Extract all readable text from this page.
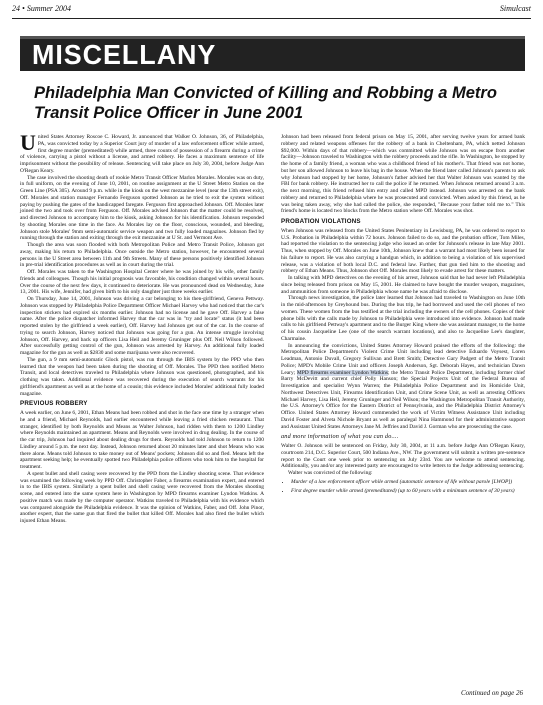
24 • Summer 2004	Simulcast
MISCELLANY
Philadelphia Man Convicted of Killing and Robbing a Metro Transit Police Officer in June 2001

United States Attorney Roscoe C. Howard, Jr. announced that Walker O. Johnson, 36, of Philadelphia, PA, was convicted today by a Superior Court jury of murder of a law enforcement officer while armed, first degree murder (premeditated) while armed, three counts of possession of a firearm during a crime of violence, carrying a pistol without a license, and armed robbery. He faces a maximum sentence of life imprisonment without the possibility of release. Sentencing will take place on July 30, 2004, before Judge Ann O'Regan Keary.

The case involved the shooting death of rookie Metro Transit Officer Marlon Morales. Morales was on duty, in full uniform, on the evening of June 10, 2001, on routine assignment at the U Street Metro Station on the Green Line (PSA 305). Around 9 p.m. while in the kiosk on the west mezzanine level (near the 13th street exit), Off. Morales and station manager Fernando Ferguson spotted Johnson as he tried to exit the system without paying by pushing the gates of the handicapped faregate. Ferguson first approached Johnson. Off. Morales later joined the two and took over from Ferguson. Off. Morales advised Johnson that the matter could be resolved, and directed Johnson to accompany him to the kiosk, asking Johnson for his identification. Johnson responded by shooting Morales one time in the face. As Morales lay on the floor, conscious, wounded, and bleeding, Johnson stole Morales' 9mm semi-automatic service weapon and two fully loaded magazines. Johnson fled by running through the station and exiting through the exit mezzanine at U St. and Vermont Ave.

Though the area was soon flooded with both Metropolitan Police and Metro Transit Police, Johnson got away, making his return to Philadelphia. Once outside the Metro station, however, he encountered several persons in the U Street area between 11th and 9th Streets. Many of these persons positively identified Johnson in pre-trial identification procedures as well as in court during the trial.

Off. Morales was taken to the Washington Hospital Center where he was joined by his wife, other family friends and colleagues. Though his initial prognosis was favorable, his condition changed within several hours. Over the course of the next few days, it continued to deteriorate. He was pronounced dead on Wednesday, June 13, 2001. His wife, Jennifer, had given birth to his only daughter just three weeks earlier.

On Thursday, June 14, 2001, Johnson was driving a car belonging to his then-girlfriend, Geneva Pettway. Johnson was stopped by Philadelphia Police Department Officer Michael Harvey who had noticed that the car's inspection stickers had expired six months earlier. Johnson had no license and he gave Off. Harvey a false name. After the police dispatcher informed Harvey that the car was in "try and locate" status (it had been reported stolen by the girlfriend a week earlier), Off. Harvey had Johnson get out of the car. In the course of trying to search Johnson, Harvey noticed that Johnson was going for a gun. An intense struggle involving Johnson, Off. Harvey, and back up officers Lisa Heil and Jeremy Gruninger plus Off. Neil Wilson followed. After successfully getting control of the gun, Johnson was arrested by Harvey. An additional fully loaded magazine for the gun as well as $2830 and some marijuana were also recovered.

The gun, a 9 mm semi-automatic Glock pistol, was run through the IBIS system by the PPD who then learned that the weapon had been taken during the shooting of Off. Morales. The PPD then notified Metro Transit, and local detectives traveled to Philadelphia where Johnson was questioned, photographed, and his clothing was taken. Additional evidence was recovered during the execution of search warrants for his girlfriend's apartment as well as at the home of a cousin; this evidence included Morales' additional fully loaded magazine.

PREVIOUS ROBBERY

A week earlier, on June 6, 2001, Ethan Means had been robbed and shot in the face one time by a stranger when he and a friend, Michael Reynolds, had earlier encountered while leaving a fried chicken restaurant. That stranger, identified by both Reynolds and Means as Walter Johnson, had ridden with them to 1200 Lindley where Reynolds maintained an apartment. Means and Reynolds were involved in drug dealing. In the course of the car trip, Johnson had inquired about dealing drugs for them. Reynolds had told Johnson to return to 1200 Lindley around 5 p.m. the next day. Instead, Johnson returned about 20 minutes later and shot Means who was there alone. Means told Johnson to take money out of Means' pockets; Johnson did so and fled. Means left the apartment seeking help; he eventually spotted two Philadelphia police officers who took him to the hospital for treatment.

A spent bullet and shell casing were recovered by the PPD from the Lindley shooting scene. That evidence was examined the following week by PPD Off. Christopher Faber, a firearms examination expert, and entered in to the IBIS system. Similarly a spent bullet and shell casing were recovered from the Morales shooting scene, and entered into the same system here in Washington by MPD firearms examiner Lyndon Watkins. A positive match was made by the computer operator. Watkins traveled to Philadelphia with his evidence which was compared alongside the Philadelphia evidence. It was the opinion of Watkins, Faber, and Off. John Pinor, another expert, that the same gun that fired the bullet that killed Off. Morales had also fired the bullet which injured Ethan Means.

Johnson had been released from federal prison on May 15, 2001, after serving twelve years for armed bank robbery and related weapons offenses for the robbery of a bank in Cheltenham, PA, which netted Johnson $92,000. Within days of that robbery—which was committed while Johnson was on escape from another facility—Johnson traveled to Washington with the robbery proceeds and the rifle. In Washington, he stopped by the home of a family friend, a woman who was a childhood friend of his mother's. That friend was not home, but her son allowed Johnson to leave his bag in the house. When the friend later called Johnson's parents to ask why Johnson had stopped by her home, Johnson's father advised her that Walter Johnson was wanted by the FBI for bank robbery. He instructed her to call the police if he returned. When Johnson returned around 3 a.m. the next morning, this friend refused him entry and called MPD instead. Johnson was arrested on the bank robbery and returned to Philadelphia where he was prosecuted and convicted. When asked by this friend, as he was being taken away, why she had called the police, she responded, "Because your father told me to." This friend's home is located two blocks from the Metro station where Off. Morales was shot.

PROBATION VIOLATIONS

When Johnson was released from the United States Penitentiary in Lewisburg, PA, he was ordered to report to U.S. Probation in Philadelphia within 72 hours. Johnson failed to do so, and the probation officer, Tom Miles, had reported the violation to the sentencing judge who issued an order for Johnson's release in late May 2001. Thus, when stopped by Off. Morales on June 10th, Johnson knew that a warrant had most likely been issued for his failure to report. He was also carrying a handgun which, in addition to being a violation of his supervised release, was a violation of both local D.C. and federal law. Further, that gun tied him to the shooting and robbery of Ethan Means. Thus, Johnson shot Off. Morales most likely to evade arrest for these matters.

In talking with MPD detectives on the evening of his arrest, Johnson said that he had never left Philadelphia since being released from prison on May 15, 2001. He claimed to have bought the murder weapon, magazines, and ammunition from someone in Philadelphia whose name he was afraid to disclose.

Through news investigation, the police later learned that Johnson had traveled to Washington on June 10th in the mid-afternoon by Greyhound bus. During the bus trip, he had borrowed and used the cell phones of two women. These women from the bus testified at the trial including the owners of the cell phones. Copies of their phone bills with the calls made by Johnson to Philadelphia were introduced into evidence. Johnson had made calls to his girlfriend Pettway's apartment and to the Burger King where she was assistant manager, to the home of his cousin Jacqueline Lee (one of the search warrant locations), and also to Jacqueline Lee's daughter, Charmaine.

In announcing the convictions, United States Attorney Howard praised the efforts of the following: the Metropolitan Police Department's Violent Crime Unit including lead detective Eduardo Voysest, Loren Leadman, Antonio Duvall, Gregory Sullivan and Brett Smith; Detective Gary Padgett of the Metro Transit Police; MPD's Mobile Crime Unit and officers Joseph Anderson, Sgt. Deborah Hayes, and technician Dawn Leary; MPD firearms examiner Lyndon Watkins; the Metro Transit Police Department, including former chief Barry McDevitt and current chief Polly Hanson; the Special Projects Unit of the Federal Bureau of Investigation and specialist Wynn Warren; the Philadelphia Police Department and its Homicide Unit, Northwest Detectives Unit, Firearms Identification Unit, and Crime Scene Unit, as well as arresting Officers Michael Harvey, Lisa Heil, Jeremy Gruninger and Neil Wilson; the Washington Metropolitan Transit Authority, the U.S. Attorney's Office for the Eastern District of Pennsylvania, and the Philadelphia District Attorney's Office. United States Attorney Howard commended the work of Victim Witness Assistance Unit including David Foster and Alveta Nichole Bryant as well as paralegal Nina Hammond for their administrative support and Assistant United States Attorneys Jane M. Jeffries and David J. Gorman who are prosecuting the case.

and more information of what you can do....

Walter O. Johnson will be sentenced on Friday, July 30, 2004, at 11 a.m. before Judge Ann O'Regan Keary, courtroom 214, D.C. Superior Court, 500 Indiana Ave., NW. The government will submit a written pre-sentence report to the Court one week prior to sentencing on July 23rd. You are welcome to attend sentencing. Additionally, you and/or any interested party are encouraged to write letters to the Judge addressing sentencing.

Walter was convicted of the following:

• Murder of a law enforcement officer while armed (automatic sentence of life without parole [LWOP])
• First degree murder while armed (premeditated) (up to 60 years with a minimum sentence of 30 years)
Continued on page 26
